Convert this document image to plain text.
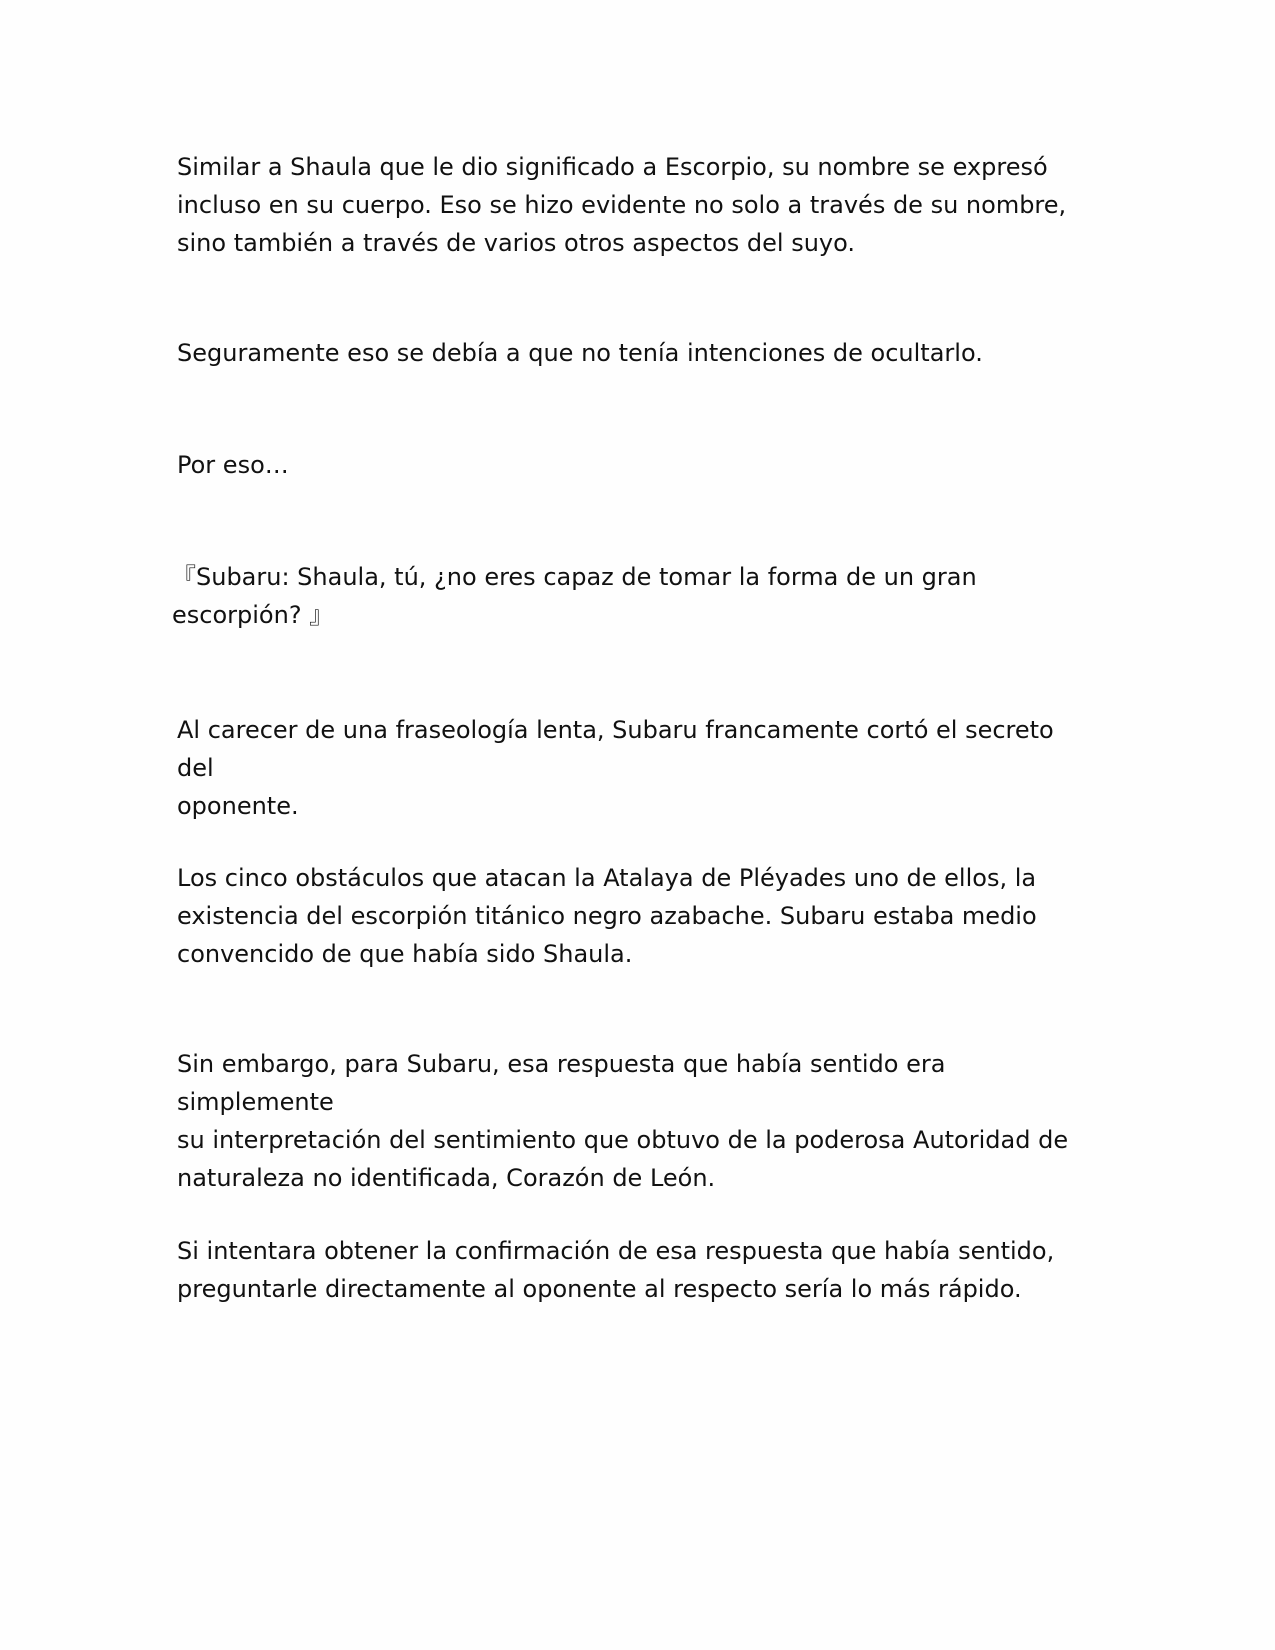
Similar a Shaula que le dio significado a Escorpio, su nombre se expresó
incluso en su cuerpo. Eso se hizo evidente no solo a través de su nombre,
sino también a través de varios otros aspectos del suyo.

Seguramente eso se debía a que no tenía intenciones de ocultarlo.

Por eso…

『Subaru: Shaula, tú, ¿no eres capaz de tomar la forma de un gran
escorpión? 』

Al carecer de una fraseología lenta, Subaru francamente cortó el secreto del
oponente.

Los cinco obstáculos que atacan la Atalaya de Pléyades uno de ellos, la
existencia del escorpión titánico negro azabache. Subaru estaba medio
convencido de que había sido Shaula.

Sin embargo, para Subaru, esa respuesta que había sentido era simplemente
su interpretación del sentimiento que obtuvo de la poderosa Autoridad de
naturaleza no identificada, Corazón de León.

Si intentara obtener la confirmación de esa respuesta que había sentido,
preguntarle directamente al oponente al respecto sería lo más rápido.
